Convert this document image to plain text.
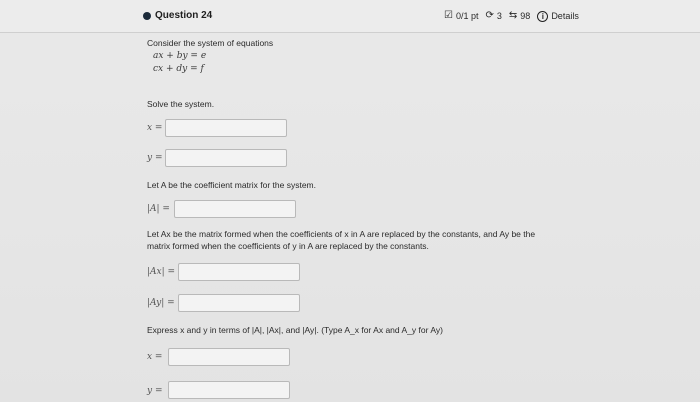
Question 24	☑ 0/1 pt ⟳ 3 ⇆ 98	i Details
Consider the system of equations
ax + by = e
cx + dy = f
Solve the system.
x =
y =
Let A be the coefficient matrix for the system.
|A| =
Let Ax be the matrix formed when the coefficients of x in A are replaced by the constants, and Ay be the
matrix formed when the coefficients of y in A are replaced by the constants.
|Ax| =
|Ay| =
Express x and y in terms of |A|, |Ax|, and |Ay|. (Type A_x for Ax and A_y for Ay)
x =
y =
